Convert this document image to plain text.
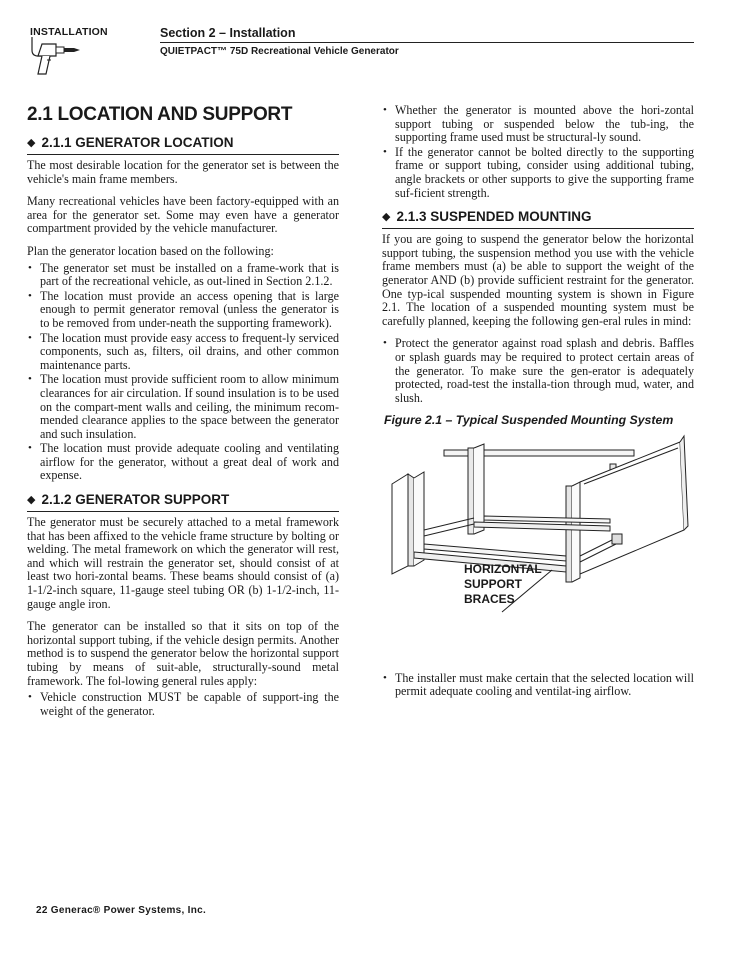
INSTALLATION	Section 2 – Installation
QUIETPACT™ 75D Recreational Vehicle Generator
2.1 LOCATION AND SUPPORT
◆ 2.1.1 GENERATOR LOCATION

The most desirable location for the generator set is between the vehicle's main frame members.

Many recreational vehicles have been factory-equipped with an area for the generator set. Some may even have a generator compartment provided by the vehicle manufacturer.

Plan the generator location based on the following:

• The generator set must be installed on a frame-work that is part of the recreational vehicle, as out-lined in Section 2.1.2.
• The location must provide an access opening that is large enough to permit generator removal (unless the generator is to be removed from under-neath the supporting framework).
• The location must provide easy access to frequent-ly serviced components, such as, filters, oil drains, and other common maintenance parts.
• The location must provide sufficient room to allow minimum clearances for air circulation. If sound insulation is to be used on the compart-ment walls and ceiling, the minimum recom-mended clearance applies to the space between the generator and such insulation.
• The location must provide adequate cooling and ventilating airflow for the generator, without a great deal of work and expense.
◆ 2.1.2 GENERATOR SUPPORT

The generator must be securely attached to a metal framework that has been affixed to the vehicle frame structure by bolting or welding. The metal framework on which the generator will rest, and which will restrain the generator set, should consist of at least two hori-zontal beams. These beams should consist of (a) 1-1/2-inch square, 11-gauge steel tubing OR (b) 1-1/2-inch, 11-gauge angle iron.

The generator can be installed so that it sits on top of the horizontal support tubing, if the vehicle design permits. Another method is to suspend the generator below the horizontal support tubing by means of suit-able, structurally-sound metal framework. The fol-lowing general rules apply:

• Vehicle construction MUST be capable of support-ing the weight of the generator.
• Whether the generator is mounted above the hori-zontal support tubing or suspended below the tub-ing, the supporting frame used must be structural-ly sound.
• If the generator cannot be bolted directly to the supporting frame or support tubing, consider using additional tubing, angle brackets or other supports to give the supporting frame suf-ficient strength.
◆ 2.1.3 SUSPENDED MOUNTING

If you are going to suspend the generator below the horizontal support tubing, the suspension method you use with the vehicle frame members must (a) be able to support the weight of the generator AND (b) provide sufficient restraint for the generator. One typ-ical suspended mounting system is shown in Figure 2.1. The location of a suspended mounting system must be carefully planned, keeping the following gen-eral rules in mind:

• Protect the generator against road splash and debris. Baffles or splash guards may be required to protect certain areas of the generator. To make sure the gen-erator is adequately protected, road-test the installa-tion through mud, water, and slush.
Figure 2.1 – Typical Suspended Mounting System
HORIZONTAL
SUPPORT
BRACES
• The installer must make certain that the selected location will permit adequate cooling and ventilat-ing airflow.
22 Generac® Power Systems, Inc.
